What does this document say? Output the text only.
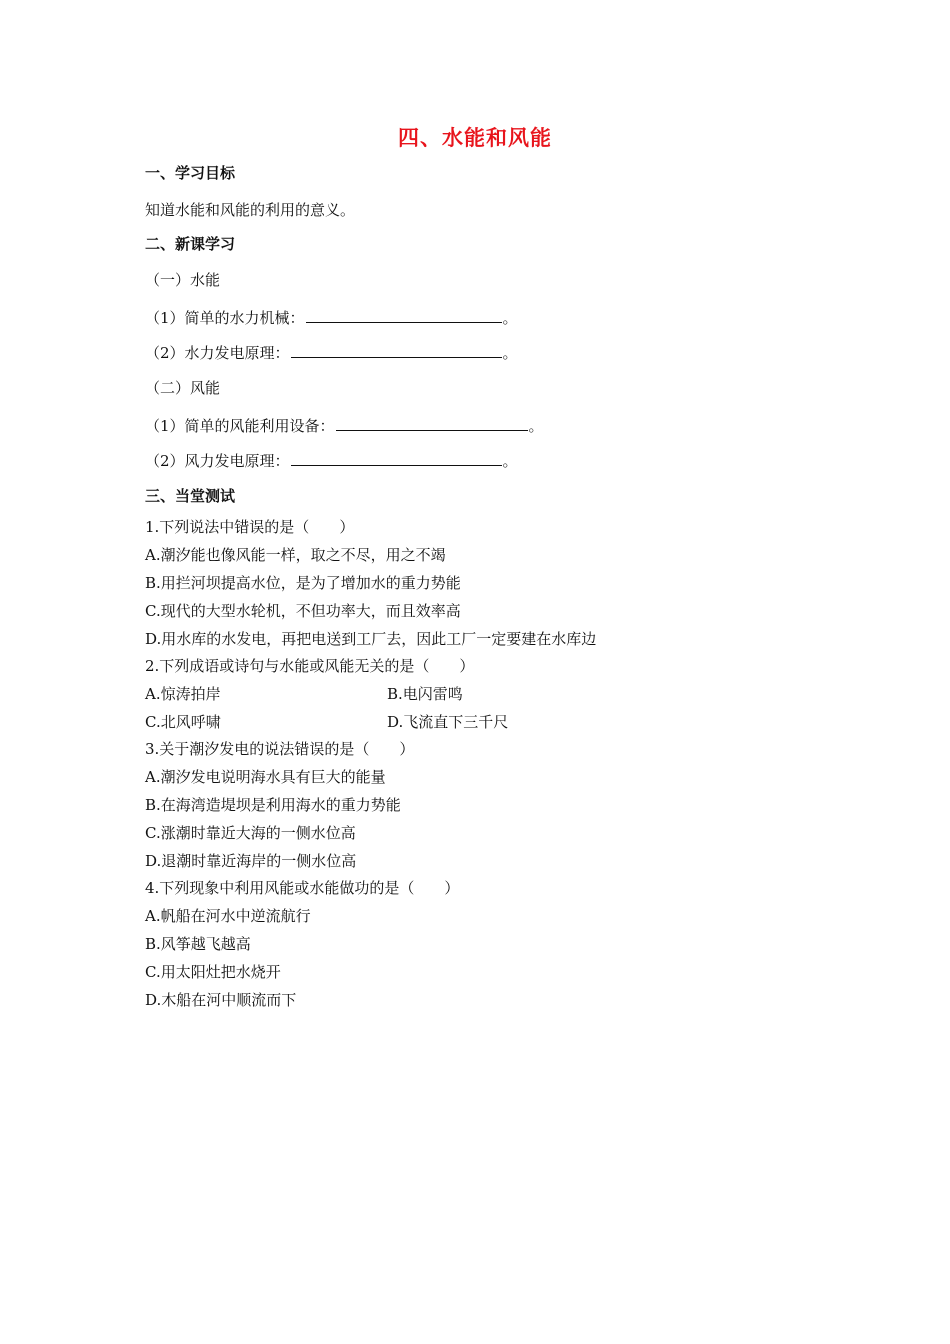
四、水能和风能
一、学习目标
知道水能和风能的利用的意义。
二、新课学习
（一）水能
（1）简单的水力机械：	。
（2）水力发电原理：	。
（二）风能
（1）简单的风能利用设备：	。
（2）风力发电原理：	。
三、当堂测试
1.下列说法中错误的是（　　）
A.潮汐能也像风能一样，取之不尽，用之不竭
B.用拦河坝提高水位，是为了增加水的重力势能
C.现代的大型水轮机，不但功率大，而且效率高
D.用水库的水发电，再把电送到工厂去，因此工厂一定要建在水库边
2.下列成语或诗句与水能或风能无关的是（　　）
A.惊涛拍岸	B.电闪雷鸣
C.北风呼啸	D.飞流直下三千尺
3.关于潮汐发电的说法错误的是（　　）
A.潮汐发电说明海水具有巨大的能量
B.在海湾造堤坝是利用海水的重力势能
C.涨潮时靠近大海的一侧水位高
D.退潮时靠近海岸的一侧水位高
4.下列现象中利用风能或水能做功的是（　　）
A.帆船在河水中逆流航行
B.风筝越飞越高
C.用太阳灶把水烧开
D.木船在河中顺流而下
